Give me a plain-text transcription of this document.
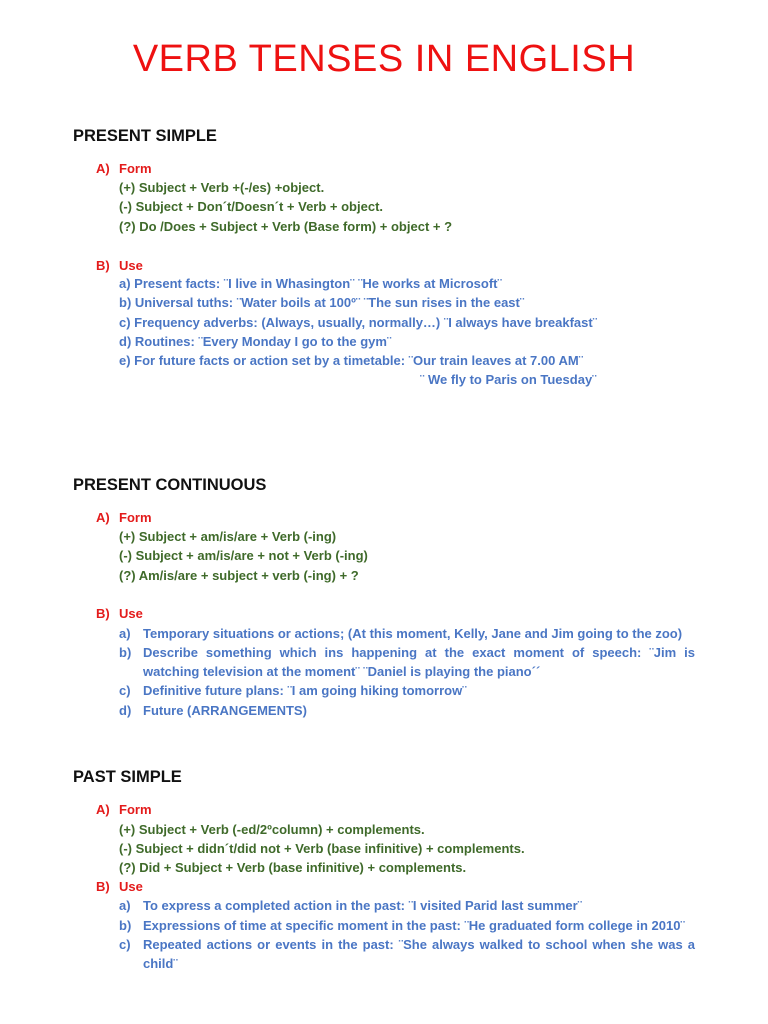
VERB TENSES IN ENGLISH
PRESENT SIMPLE
A) Form
(+) Subject + Verb +(-/es) +object.
(-) Subject + Don´t/Doesn´t + Verb + object.
(?) Do /Does + Subject + Verb (Base form) + object + ?
B) Use
a) Present facts: ¨I live in Whasington¨ ¨He works at Microsoft¨
b) Universal tuths: ¨Water boils at 100º¨ ¨The sun rises in the east¨
c) Frequency adverbs: (Always, usually, normally…) ¨I always have breakfast¨
d) Routines: ¨Every Monday I go to the gym¨
e) For future facts or action set by a timetable: ¨Our train leaves at 7.00 AM¨
¨ We fly to Paris on Tuesday¨
PRESENT CONTINUOUS
A) Form
(+) Subject + am/is/are + Verb (-ing)
(-) Subject + am/is/are + not + Verb (-ing)
(?) Am/is/are + subject + verb (-ing) + ?
B) Use
a) Temporary situations or actions; (At this moment, Kelly, Jane and Jim going to the zoo)
b) Describe something which ins happening at the exact moment of speech: ¨Jim is
watching television at the moment¨ ¨Daniel is playing the piano´´
c) Definitive future plans: ¨I am going hiking tomorrow¨
d) Future (ARRANGEMENTS)
PAST SIMPLE
A) Form
(+) Subject + Verb (-ed/2ºcolumn) + complements.
(-) Subject + didn´t/did not + Verb (base infinitive) + complements.
(?) Did + Subject + Verb (base infinitive) + complements.
B) Use
a) To express a completed action in the past: ¨I visited Parid last summer¨
b) Expressions of time at specific moment in the past: ¨He graduated form college in 2010¨
c) Repeated actions or events in the past: ¨She always walked to school when she was a
child¨
